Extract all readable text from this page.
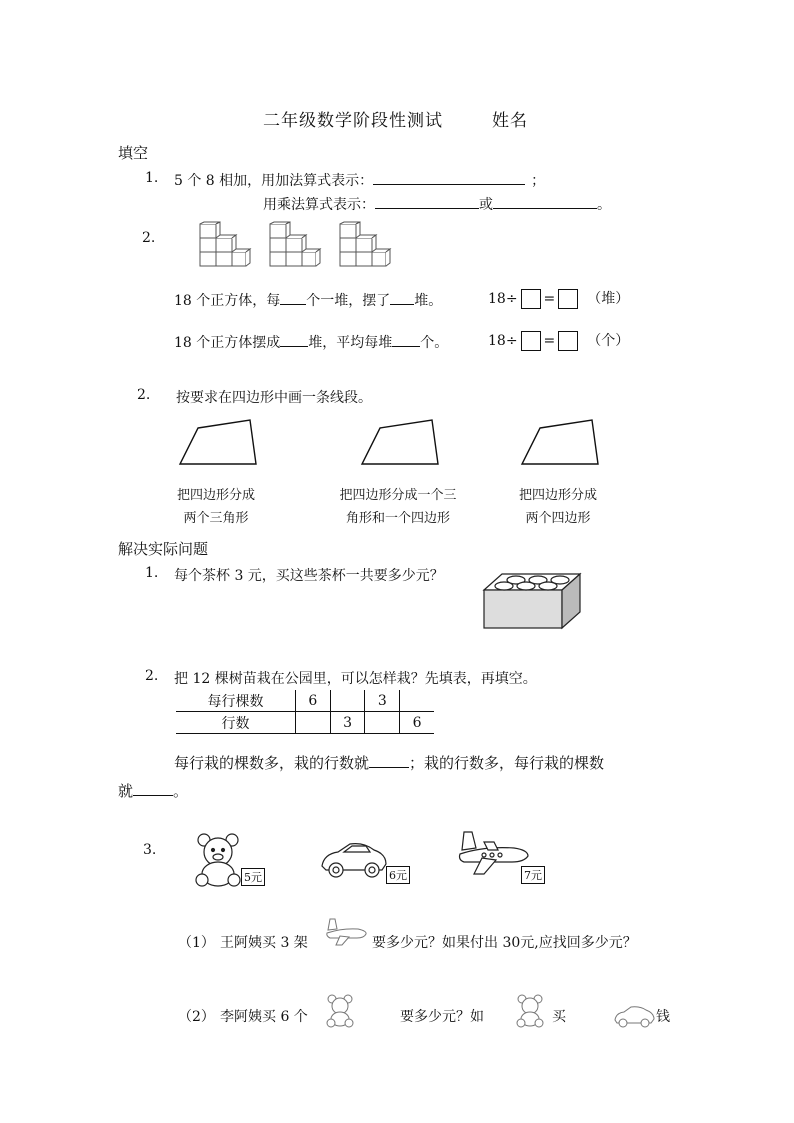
二年级数学阶段性测试	姓名
填空
1. 5 个 8 相加，用加法算式表示：	；
用乘法算式表示：	或	。
2.
18 个正方体，每 个一堆，摆了 堆。	18÷ = （堆）
18 个正方体摆成 堆，平均每堆 个。	18÷ = （个）
2. 按要求在四边形中画一条线段。
把四边形分成
两个三角形
把四边形分成一个三
角形和一个四边形
把四边形分成
两个四边形
解决实际问题
1. 每个茶杯 3 元，买这些茶杯一共要多少元？
2. 把 12 棵树苗栽在公园里，可以怎样栽？先填表，再填空。
每行棵数	6		3	
行数		3		6
每行栽的棵数多，栽的行数就	；栽的行数多，每行栽的棵数
就	。
3.
5元	6元	7元
（1） 王阿姨买 3 架	要多少元？如果付出 30元,应找回多少元？
（2） 李阿姨买 6 个	要多少元？如	买	钱
